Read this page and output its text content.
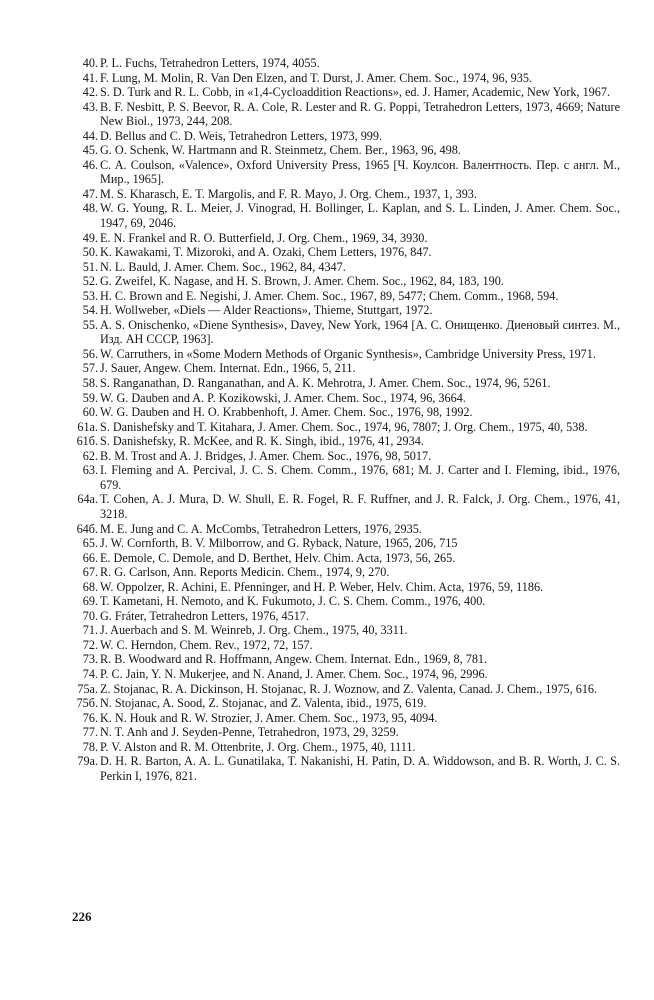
40. P. L. Fuchs, Tetrahedron Letters, 1974, 4055.
41. F. Lung, M. Molin, R. Van Den Elzen, and T. Durst, J. Amer. Chem. Soc., 1974, 96, 935.
42. S. D. Turk and R. L. Cobb, in «1,4-Cycloaddition Reactions», ed. J. Hamer, Academic, New York, 1967.
43. B. F. Nesbitt, P. S. Beevor, R. A. Cole, R. Lester and R. G. Poppi, Tetrahedron Letters, 1973, 4669; Nature New Biol., 1973, 244, 208.
44. D. Bellus and C. D. Weis, Tetrahedron Letters, 1973, 999.
45. G. O. Schenk, W. Hartmann and R. Steinmetz, Chem. Ber., 1963, 96, 498.
46. C. A. Coulson, «Valence», Oxford University Press, 1965 [Ч. Коулсон. Валентность. Пер. с англ. М., Мир., 1965].
47. M. S. Kharasch, E. T. Margolis, and F. R. Mayo, J. Org. Chem., 1937, 1, 393.
48. W. G. Young, R. L. Meier, J. Vinograd, H. Bollinger, L. Kaplan, and S. L. Linden, J. Amer. Chem. Soc., 1947, 69, 2046.
49. E. N. Frankel and R. O. Butterfield, J. Org. Chem., 1969, 34, 3930.
50. K. Kawakami, T. Mizoroki, and A. Ozaki, Chem Letters, 1976, 847.
51. N. L. Bauld, J. Amer. Chem. Soc., 1962, 84, 4347.
52. G. Zweifel, K. Nagase, and H. S. Brown, J. Amer. Chem. Soc., 1962, 84, 183, 190.
53. H. C. Brown and E. Negishi, J. Amer. Chem. Soc., 1967, 89, 5477; Chem. Comm., 1968, 594.
54. H. Wollweber, «Diels — Alder Reactions», Thieme, Stuttgart, 1972.
55. A. S. Onischenko, «Diene Synthesis», Davey, New York, 1964 [А. С. Онищенко. Диеновый синтез. М., Изд. АН СССР, 1963].
56. W. Carruthers, in «Some Modern Methods of Organic Synthesis», Cambridge University Press, 1971.
57. J. Sauer, Angew. Chem. Internat. Edn., 1966, 5, 211.
58. S. Ranganathan, D. Ranganathan, and A. K. Mehrotra, J. Amer. Chem. Soc., 1974, 96, 5261.
59. W. G. Dauben and A. P. Kozikowski, J. Amer. Chem. Soc., 1974, 96, 3664.
60. W. G. Dauben and H. O. Krabbenhoft, J. Amer. Chem. Soc., 1976, 98, 1992.
61a. S. Danishefsky and T. Kitahara, J. Amer. Chem. Soc., 1974, 96, 7807; J. Org. Chem., 1975, 40, 538.
61б. S. Danishefsky, R. McKee, and R. K. Singh, ibid., 1976, 41, 2934.
62. B. M. Trost and A. J. Bridges, J. Amer. Chem. Soc., 1976, 98, 5017.
63. I. Fleming and A. Percival, J. C. S. Chem. Comm., 1976, 681; M. J. Carter and I. Fleming, ibid., 1976, 679.
64a. T. Cohen, A. J. Mura, D. W. Shull, E. R. Fogel, R. F. Ruffner, and J. R. Falck, J. Org. Chem., 1976, 41, 3218.
64б. M. E. Jung and C. A. McCombs, Tetrahedron Letters, 1976, 2935.
65. J. W. Cornforth, B. V. Milborrow, and G. Ryback, Nature, 1965, 206, 715
66. E. Demole, C. Demole, and D. Berthet, Helv. Chim. Acta, 1973, 56, 265.
67. R. G. Carlson, Ann. Reports Medicin. Chem., 1974, 9, 270.
68. W. Oppolzer, R. Achini, E. Pfenninger, and H. P. Weber, Helv. Chim. Acta, 1976, 59, 1186.
69. T. Kametani, H. Nemoto, and K. Fukumoto, J. C. S. Chem. Comm., 1976, 400.
70. G. Fráter, Tetrahedron Letters, 1976, 4517.
71. J. Auerbach and S. M. Weinreb, J. Org. Chem., 1975, 40, 3311.
72. W. C. Herndon, Chem. Rev., 1972, 72, 157.
73. R. B. Woodward and R. Hoffmann, Angew. Chem. Internat. Edn., 1969, 8, 781.
74. P. C. Jain, Y. N. Mukerjee, and N. Anand, J. Amer. Chem. Soc., 1974, 96, 2996.
75a. Z. Stojanac, R. A. Dickinson, H. Stojanac, R. J. Woznow, and Z. Valenta, Canad. J. Chem., 1975, 616.
75б. N. Stojanac, A. Sood, Z. Stojanac, and Z. Valenta, ibid., 1975, 619.
76. K. N. Houk and R. W. Strozier, J. Amer. Chem. Soc., 1973, 95, 4094.
77. N. T. Anh and J. Seyden-Penne, Tetrahedron, 1973, 29, 3259.
78. P. V. Alston and R. M. Ottenbrite, J. Org. Chem., 1975, 40, 1111.
79a. D. H. R. Barton, A. A. L. Gunatilaka, T. Nakanishi, H. Patin, D. A. Widdowson, and B. R. Worth, J. C. S. Perkin I, 1976, 821.
226
